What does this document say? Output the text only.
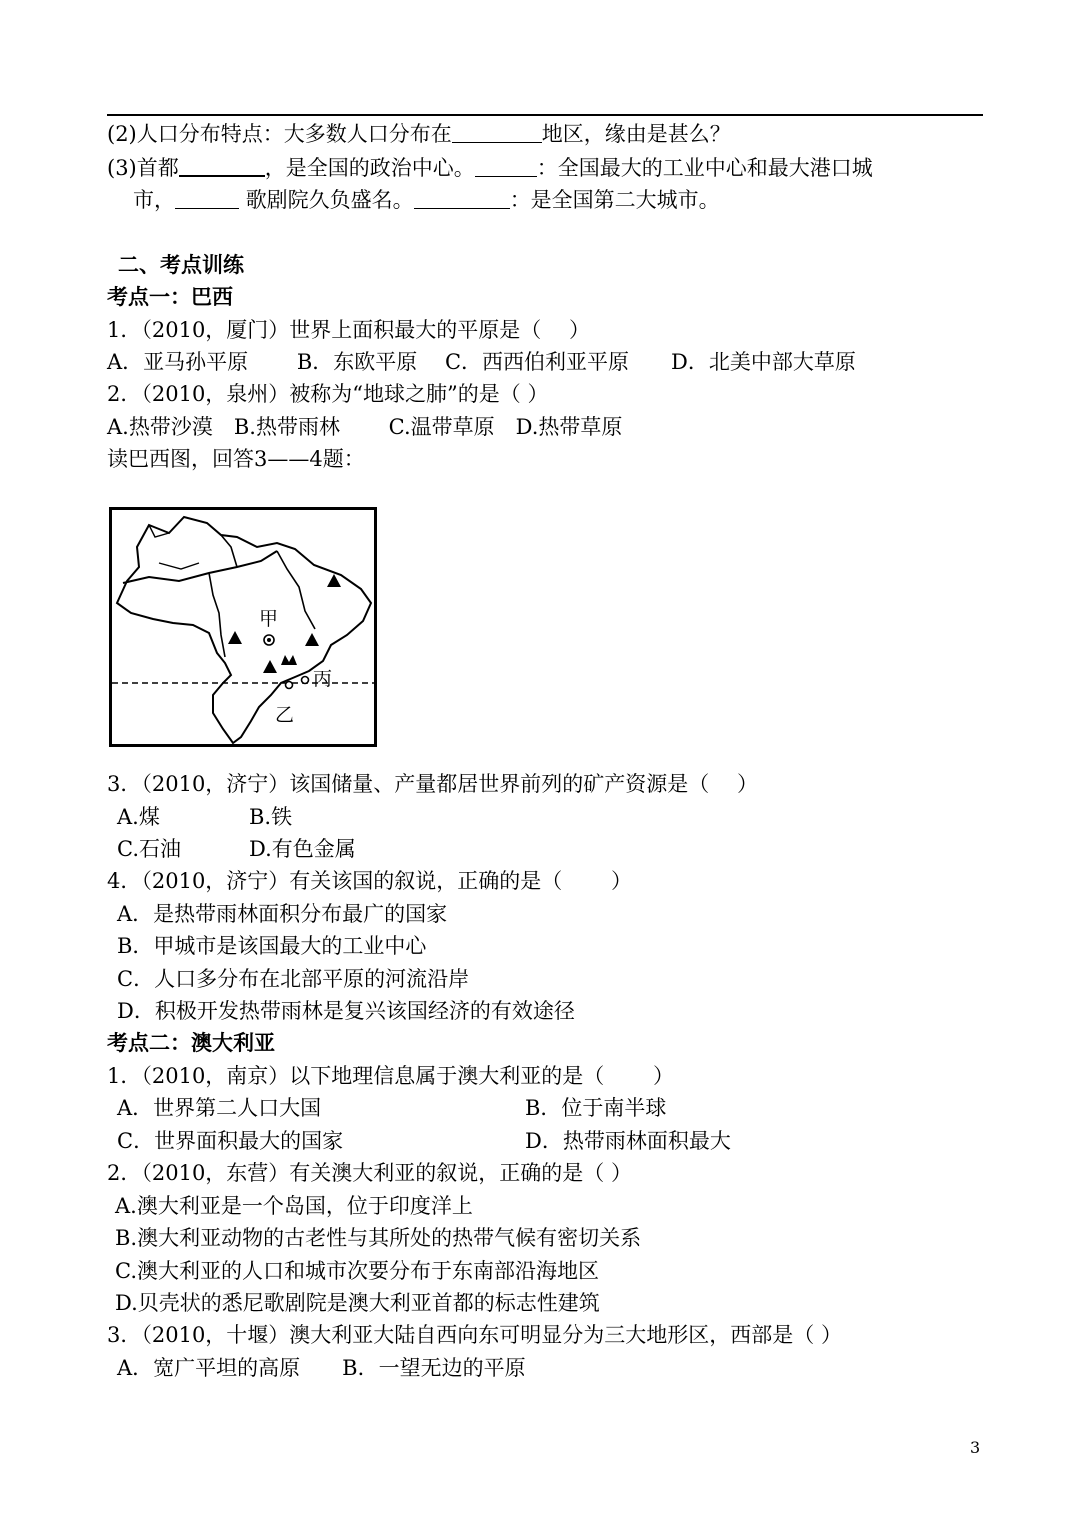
(2)人口分布特点：大多数人口分布在	地区，缘由是甚么？
(3)首都	，是全国的政治中心。	：全国最大的工业中心和最大港口城
市，	歌剧院久负盛名。	：是全国第二大城市。
二、考点训练
考点一：巴西
1．（2010，厦门）世界上面积最大的平原是（　 ）
A．亚马孙平原　　 B．东欧平原　 C．西西伯利亚平原　　D．北美中部大草原
2．（2010，泉州）被称为“地球之肺”的是（ ）
A.热带沙漠　B.热带雨林　　 C.温带草原　D.热带草原
读巴西图，回答3——4题：
甲
丙
乙
3．（2010，济宁）该国储量、产量都居世界前列的矿产资源是（　 ）
A.煤	B.铁
C.石油	D.有色金属
4．（2010，济宁）有关该国的叙说，正确的是（　　 ）
A．是热带雨林面积分布最广的国家
B．甲城市是该国最大的工业中心
C．人口多分布在北部平原的河流沿岸
D．积极开发热带雨林是复兴该国经济的有效途径
考点二：澳大利亚
1．（2010，南京）以下地理信息属于澳大利亚的是（　　 ）
A．世界第二人口大国	B．位于南半球
C．世界面积最大的国家	D．热带雨林面积最大
2．（2010，东营）有关澳大利亚的叙说，正确的是（ ）
A.澳大利亚是一个岛国，位于印度洋上
B.澳大利亚动物的古老性与其所处的热带气候有密切关系
C.澳大利亚的人口和城市次要分布于东南部沿海地区
D.贝壳状的悉尼歌剧院是澳大利亚首都的标志性建筑
3．（2010，十堰）澳大利亚大陆自西向东可明显分为三大地形区，西部是（ ）
A．宽广平坦的高原　　B．一望无边的平原
3
